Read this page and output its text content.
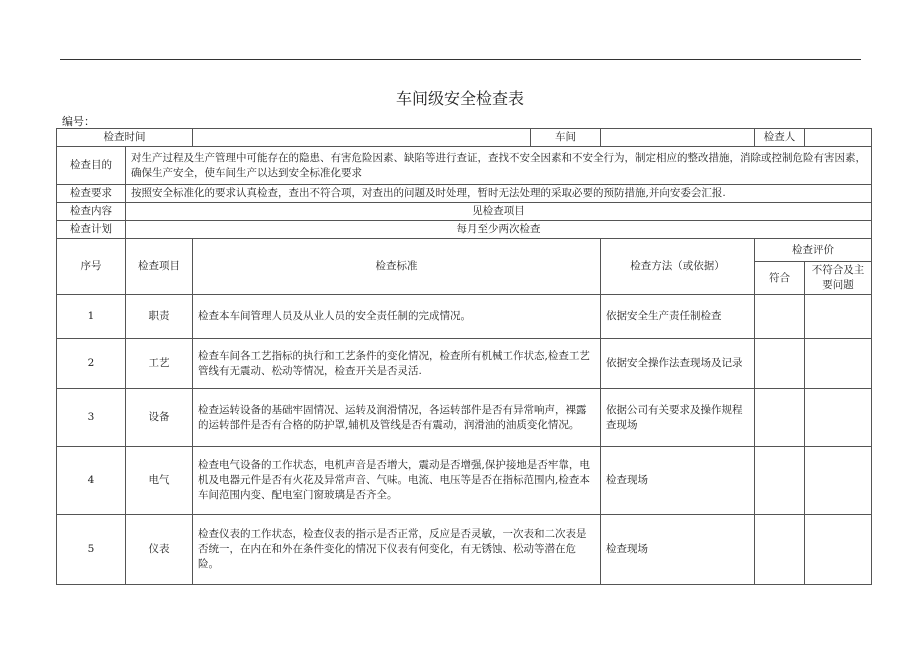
车间级安全检查表
编号：
检查时间			车间		检查人	
检查目的	对生产过程及生产管理中可能存在的隐患、有害危险因素、缺陷等进行查证，查找不安全因素和不安全行为，制定相应的整改措施，消除或控制危险有害因素，确保生产安全，使车间生产以达到安全标准化要求					
检查要求	按照安全标准化的要求认真检查，查出不符合项，对查出的问题及时处理，暂时无法处理的采取必要的预防措施,并向安委会汇报.					
检查内容	见检查项目					
检查计划	每月至少两次检查					
序号	检查项目	检查标准		检查方法（或依据）	检查评价	
					符合	不符合及主要问题
1	职责	检查本车间管理人员及从业人员的安全责任制的完成情况。		依据安全生产责任制检查		
2	工艺	检查车间各工艺指标的执行和工艺条件的变化情况，检查所有机械工作状态,检查工艺管线有无震动、松动等情况，检查开关是否灵活.		依据安全操作法查现场及记录		
3	设备	检查运转设备的基础牢固情况、运转及润滑情况，各运转部件是否有异常响声，裸露的运转部件是否有合格的防护罩,辅机及管线是否有震动，润滑油的油质变化情况。		依据公司有关要求及操作规程查现场		
4	电气	检查电气设备的工作状态，电机声音是否增大，震动是否增强,保护接地是否牢靠，电机及电器元件是否有火花及异常声音、气味。电流、电压等是否在指标范围内,检查本车间范围内变、配电室门窗玻璃是否齐全。		检查现场		
5	仪表	检查仪表的工作状态，检查仪表的指示是否正常，反应是否灵敏，一次表和二次表是否统一，在内在和外在条件变化的情况下仪表有何变化，有无锈蚀、松动等潜在危险。		检查现场		
